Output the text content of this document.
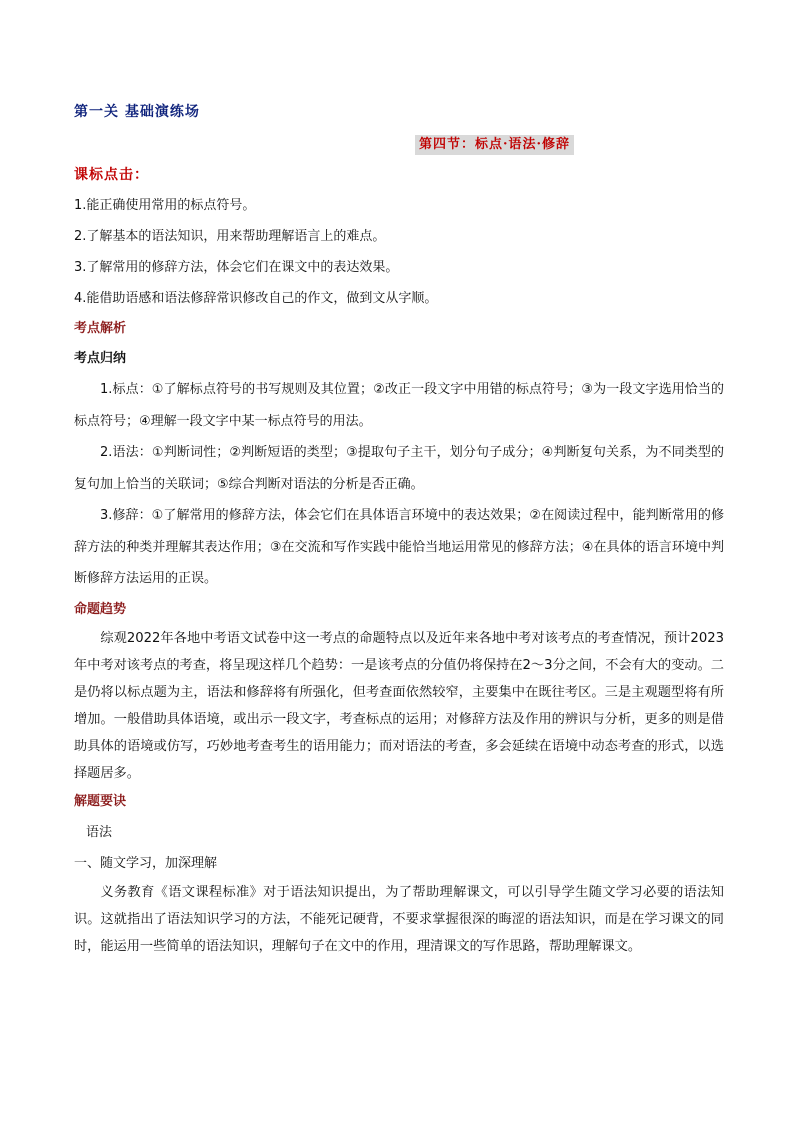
第一关 基础演练场
第四节：标点·语法·修辞
课标点击：
1.能正确使用常用的标点符号。
2.了解基本的语法知识，用来帮助理解语言上的难点。
3.了解常用的修辞方法，体会它们在课文中的表达效果。
4.能借助语感和语法修辞常识修改自己的作文，做到文从字顺。
考点解析
考点归纳
1.标点：①了解标点符号的书写规则及其位置；②改正一段文字中用错的标点符号；③为一段文字选用恰当的标点符号；④理解一段文字中某一标点符号的用法。
2.语法：①判断词性；②判断短语的类型；③提取句子主干，划分句子成分；④判断复句关系，为不同类型的复句加上恰当的关联词；⑤综合判断对语法的分析是否正确。
3.修辞：①了解常用的修辞方法，体会它们在具体语言环境中的表达效果；②在阅读过程中，能判断常用的修辞方法的种类并理解其表达作用；③在交流和写作实践中能恰当地运用常见的修辞方法；④在具体的语言环境中判断修辞方法运用的正误。
命题趋势
综观2022年各地中考语文试卷中这一考点的命题特点以及近年来各地中考对该考点的考查情况，预计2023年中考对该考点的考查，将呈现这样几个趋势：一是该考点的分值仍将保持在2～3分之间，不会有大的变动。二是仍将以标点题为主，语法和修辞将有所强化，但考查面依然较窄，主要集中在既往考区。三是主观题型将有所增加。一般借助具体语境，或出示一段文字，考查标点的运用；对修辞方法及作用的辨识与分析，更多的则是借助具体的语境或仿写，巧妙地考查考生的语用能力；而对语法的考查，多会延续在语境中动态考查的形式，以选择题居多。
解题要诀
语法
一、随文学习，加深理解
义务教育《语文课程标准》对于语法知识提出，为了帮助理解课文，可以引导学生随文学习必要的语法知识。这就指出了语法知识学习的方法，不能死记硬背，不要求掌握很深的晦涩的语法知识，而是在学习课文的同时，能运用一些简单的语法知识，理解句子在文中的作用，理清课文的写作思路，帮助理解课文。
